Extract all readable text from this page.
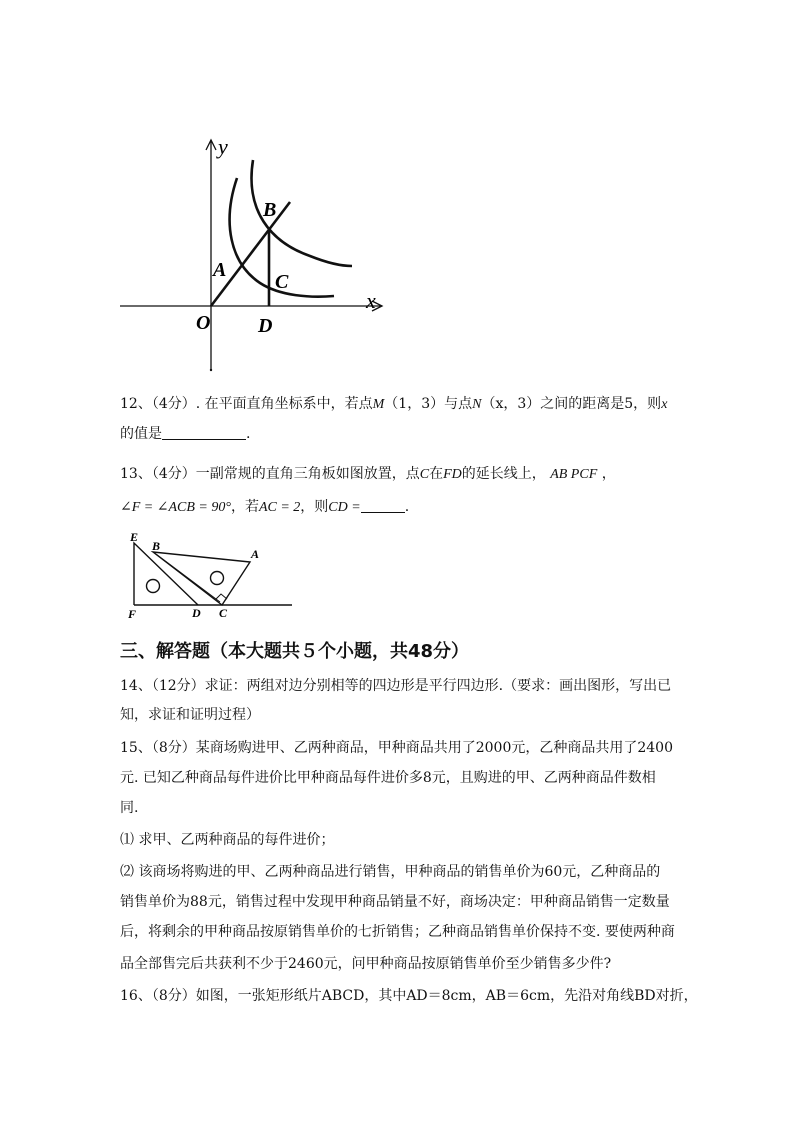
y
x
O
A
B
C
D
12、（4分）. 在平面直角坐标系中，若点M（1，3）与点N（x，3）之间的距离是5，则x
的值是	.
13、（4分）一副常规的直角三角板如图放置，点C在FD的延长线上， AB PCF ，
∠F = ∠ACB = 90°，若AC = 2，则CD =	.
E
B
A
F	D C
三、解答题（本大题共５个小题，共48分）
14、（12分）求证：两组对边分别相等的四边形是平行四边形.（要求：画出图形，写出已
知，求证和证明过程）
15、（8分）某商场购进甲、乙两种商品，甲种商品共用了2000元，乙种商品共用了2400
元. 已知乙种商品每件进价比甲种商品每件进价多8元，且购进的甲、乙两种商品件数相
同.
⑴ 求甲、乙两种商品的每件进价；
⑵ 该商场将购进的甲、乙两种商品进行销售，甲种商品的销售单价为60元，乙种商品的
销售单价为88元，销售过程中发现甲种商品销量不好，商场决定：甲种商品销售一定数量
后，将剩余的甲种商品按原销售单价的七折销售；乙种商品销售单价保持不变. 要使两种商
品全部售完后共获利不少于2460元，问甲种商品按原销售单价至少销售多少件?
16、（8分）如图，一张矩形纸片ABCD，其中AD＝8cm，AB＝6cm，先沿对角线BD对折，
